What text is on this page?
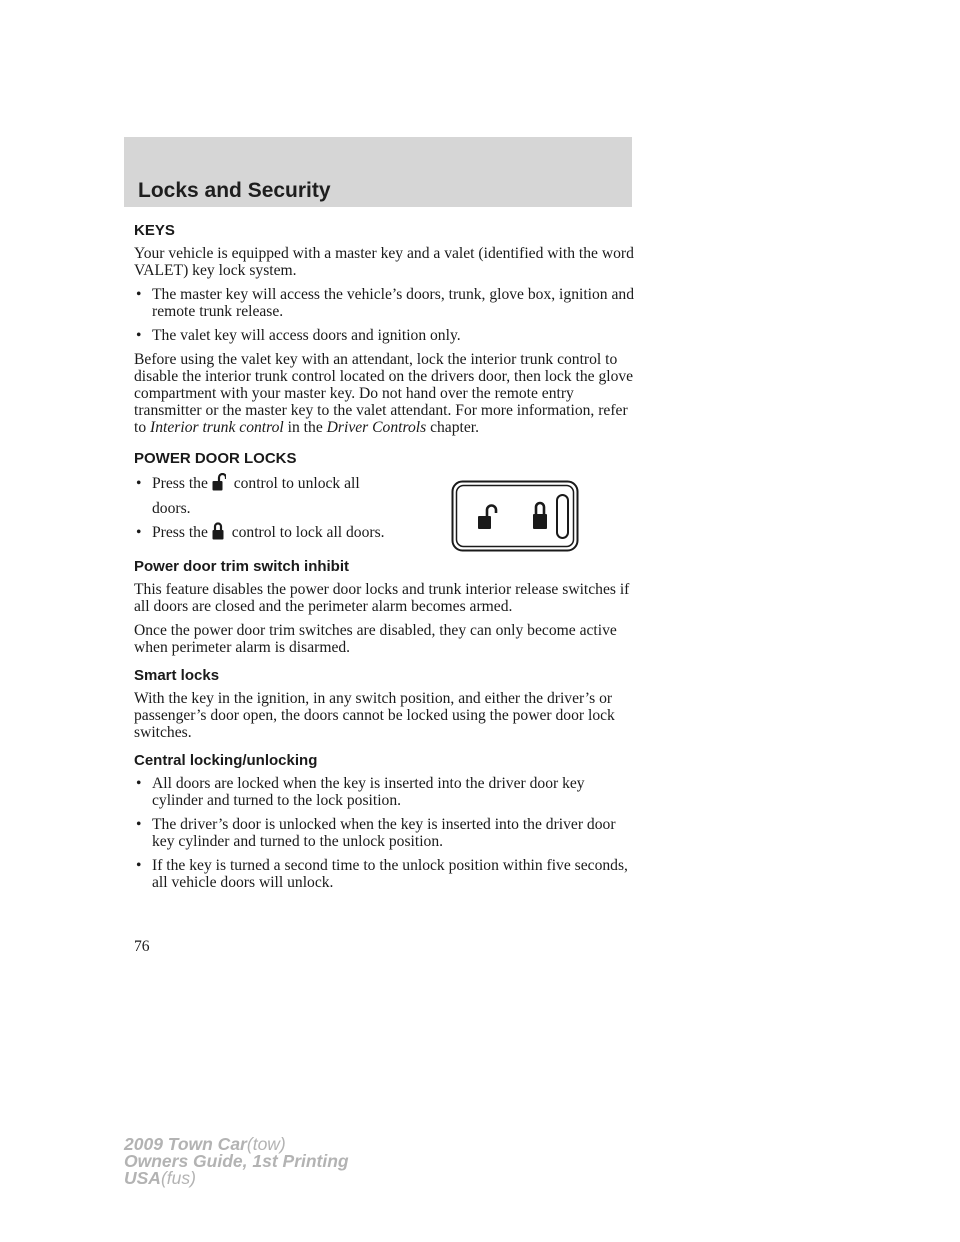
Locks and Security
KEYS

Your vehicle is equipped with a master key and a valet (identified with the word VALET) key lock system.

• The master key will access the vehicle’s doors, trunk, glove box, ignition and remote trunk release.
• The valet key will access doors and ignition only.

Before using the valet key with an attendant, lock the interior trunk control to disable the interior trunk control located on the drivers door, then lock the glove compartment with your master key. Do not hand over the remote entry transmitter or the master key to the valet attendant. For more information, refer to Interior trunk control in the Driver Controls chapter.

POWER DOOR LOCKS
• Press the control to unlock all doors.
• Press the control to lock all doors.
Power door trim switch inhibit

This feature disables the power door locks and trunk interior release switches if all doors are closed and the perimeter alarm becomes armed.

Once the power door trim switches are disabled, they can only become active when perimeter alarm is disarmed.

Smart locks

With the key in the ignition, in any switch position, and either the driver’s or passenger’s door open, the doors cannot be locked using the power door lock switches.

Central locking/unlocking
• All doors are locked when the key is inserted into the driver door key cylinder and turned to the lock position.
• The driver’s door is unlocked when the key is inserted into the driver door key cylinder and turned to the unlock position.
• If the key is turned a second time to the unlock position within five seconds, all vehicle doors will unlock.

76

2009 Town Car(tow)
Owners Guide, 1st Printing
USA(fus)
